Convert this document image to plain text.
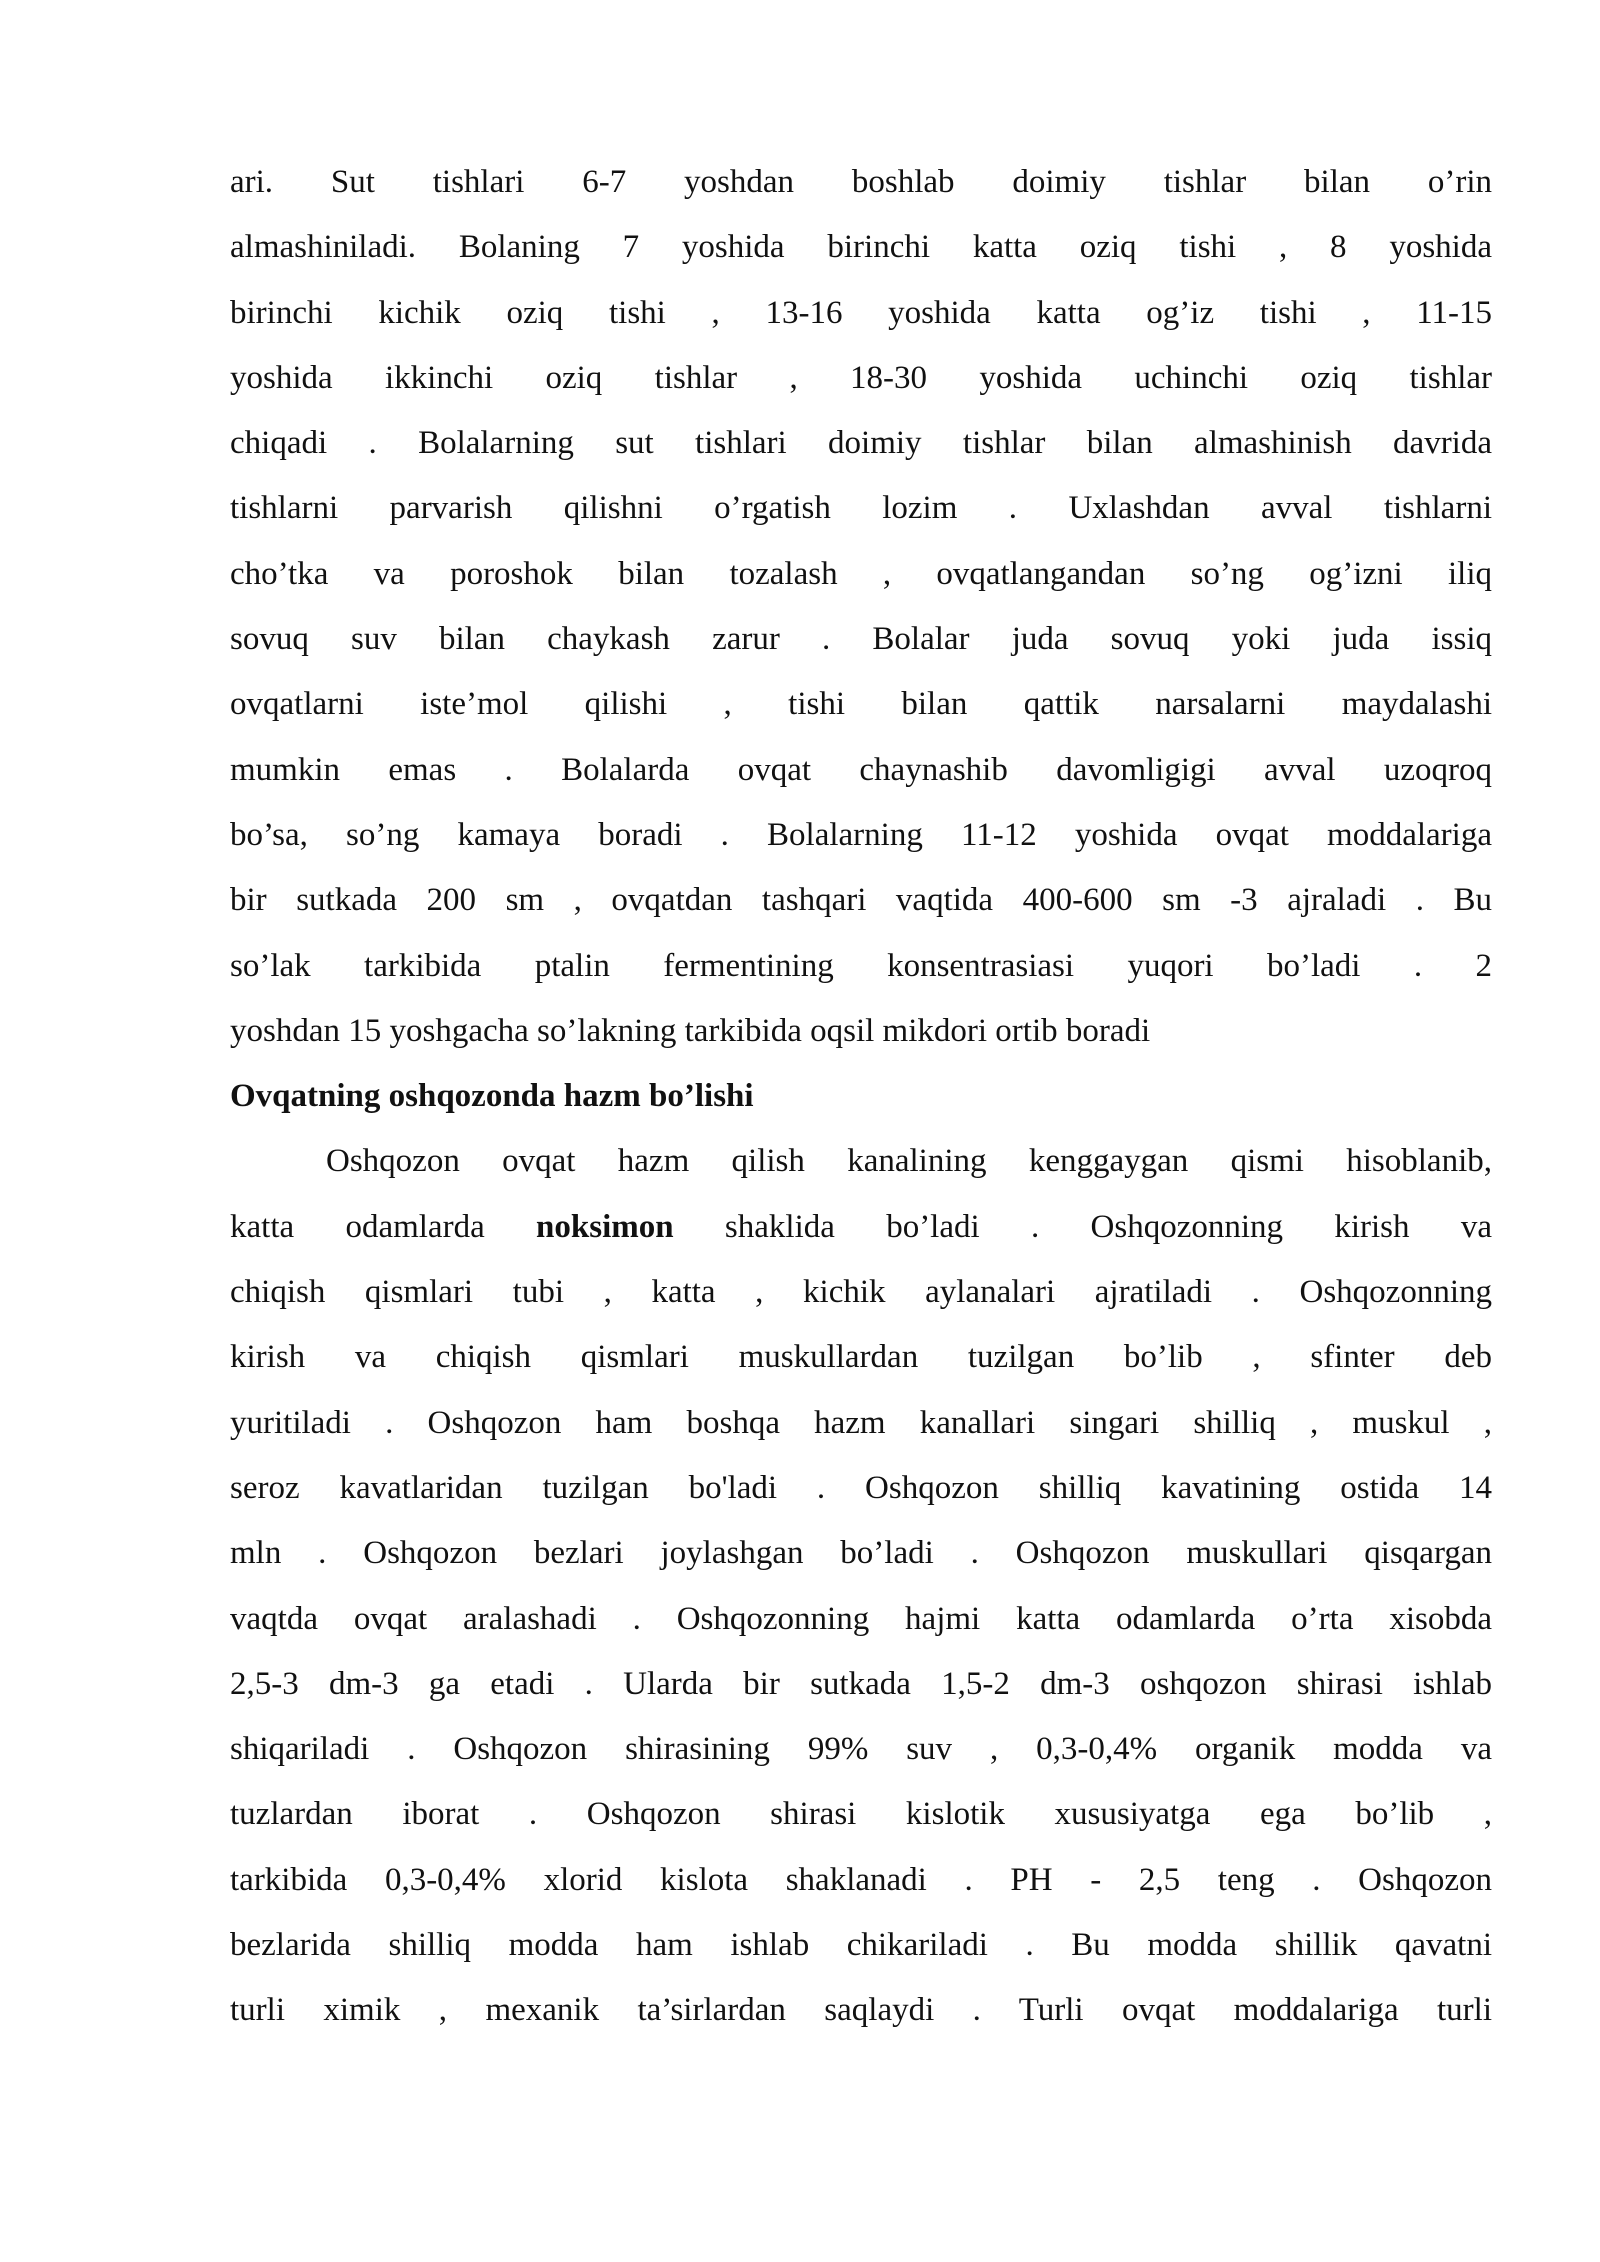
ari. Sut tishlari 6-7 yoshdan boshlab doimiy tishlar bilan o’rin
almashiniladi. Bolaning 7 yoshida birinchi katta oziq tishi , 8 yoshida
birinchi kichik oziq tishi , 13-16 yoshida katta og’iz tishi , 11-15
yoshida ikkinchi oziq tishlar , 18-30 yoshida uchinchi oziq tishlar
chiqadi . Bolalarning sut tishlari doimiy tishlar bilan almashinish davrida
tishlarni parvarish qilishni o’rgatish lozim . Uxlashdan avval tishlarni
cho’tka va poroshok bilan tozalash , ovqatlangandan so’ng og’izni iliq
sovuq suv bilan chaykash zarur . Bolalar juda sovuq yoki juda issiq
ovqatlarni iste’mol qilishi , tishi bilan qattik narsalarni maydalashi
mumkin emas . Bolalarda ovqat chaynashib davomligigi avval uzoqroq
bo’sa, so’ng kamaya boradi . Bolalarning 11-12 yoshida ovqat moddalariga
bir sutkada 200 sm , ovqatdan tashqari vaqtida 400-600 sm -3 ajraladi . Bu
so’lak tarkibida ptalin fermentining konsentrasiasi yuqori bo’ladi . 2
yoshdan 15 yoshgacha so’lakning tarkibida oqsil mikdori ortib boradi
Ovqatning oshqozonda hazm bo’lishi
Oshqozon ovqat hazm qilish kanalining kenggaygan qismi hisoblanib,
katta odamlarda noksimon shaklida bo’ladi . Oshqozonning kirish va
chiqish qismlari tubi , katta , kichik aylanalari ajratiladi . Oshqozonning
kirish va chiqish qismlari muskullardan tuzilgan bo’lib , sfinter deb
yuritiladi . Oshqozon ham boshqa hazm kanallari singari shilliq , muskul ,
seroz kavatlaridan tuzilgan bo'ladi . Oshqozon shilliq kavatining ostida 14
mln . Oshqozon bezlari joylashgan bo’ladi . Oshqozon muskullari qisqargan
vaqtda ovqat aralashadi . Oshqozonning hajmi katta odamlarda o’rta xisobda
2,5-3 dm-3 ga etadi . Ularda bir sutkada 1,5-2 dm-3 oshqozon shirasi ishlab
shiqariladi . Oshqozon shirasining 99% suv , 0,3-0,4% organik modda va
tuzlardan iborat . Oshqozon shirasi kislotik xususiyatga ega bo’lib ,
tarkibida 0,3-0,4% xlorid kislota shaklanadi . PH - 2,5 teng . Oshqozon
bezlarida shilliq modda ham ishlab chikariladi . Bu modda shillik qavatni
turli ximik , mexanik ta’sirlardan saqlaydi . Turli ovqat moddalariga turli
